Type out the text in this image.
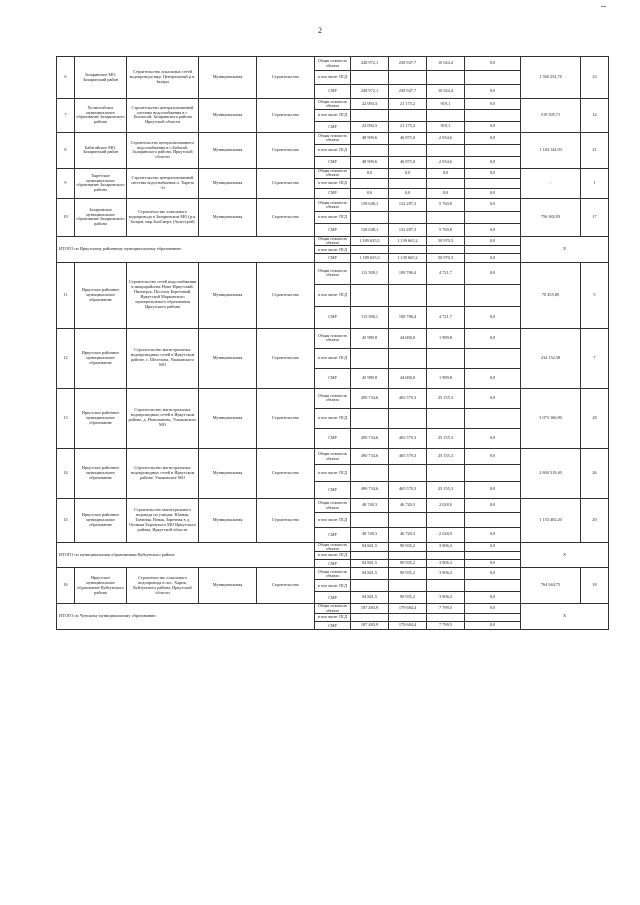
2
6	Заларинское МО, Заларинский район	Строительство локальных сетей водопровода мкр. Центральный р.п. Залари	Муниципальная	Строительство	Общая стоимость объекта	248 972,1	238 947,7	10 024,4	0,0	1 560 252,76	23
					в том числе: ПСД						
					СМР	248 972,1	238 947,7	10 024,4	0,0		
7	Холмогойское муниципальное образование Заларинского района	Строительство централизованной системы водоснабжения в с. Холмогой, Заларинского района Иркутской области	Муниципальная	Строительство	Общая стоимость объекта	22 094,3	21 175,2	919,1	0,0	519 505,71	12
					в том числе: ПСД						
					СМР	22 094,3	21 175,2	919,1	0,0		
8	Бабагайское МО, Заларинский район	Строительство централизованного водоснабжения в с.Бабагай, Заларинского района, Иркутской области	Муниципальная	Строительство	Общая стоимость объекта	48 909,6	46 875,0	2 034,6	0,0	1 184 142,93	21
					в том числе: ПСД						
					СМР	48 909,6	46 875,0	2 034,6	0,0		
9	Тыретское муниципальное образование Заларинского района	Строительство централизованной системы водоснабжения п. Тыреть -1е	Муниципальная	Строительство	Общая стоимость объекта	0,0	0,0	0,0	0,0	-	1
					в том числе: ПСД						
					СМР	0,0	0,0	0,0	0,0		
10	Заларинское муниципальное образование Заларинского района	Строительство локального водопровода в Заларинском МО (р.п. Залари, мкр.ЗилСмерт, (Залестрой)	Муниципальная	Строительство	Общая стоимость объекта	138 048,1	132 287,3	5 760,8	0,0	756 382,93	17
					в том числе: ПСД						
					СМР	138 048,1	132 287,3	5 760,8	0,0		
ИТОГО по Иркутскому районному муниципальному образованию:					Общая стоимость объекта	1 189 635,5	1 139 665,2	50 970,3	0,0	X	
					в том числе: ПСД						
					СМР	1 189 635,5	1 139 665,2	50 970,3	0,0		
11	Иркутское районное муниципальное образование	Строительство сетей водоснабжения в микрорайонах Ново-Иркутский, Пионерск, Поселок Березовый, Иркутской Марковского муниципального образования Иркутского района	Муниципальная	Строительство	Общая стоимость объекта	113 508,1	108 786,4	4 721,7	0,0	70 455,80	5
					в том числе: ПСД						
					СМР	113 508,1	108 786,4	4 721,7	0,0		
12	Иркутское районное муниципальное образование	Строительство магистральных водопроводных сетей в Иркутском районе, с. Шелехова, Ушаковского МО	Муниципальная	Строительство	Общая стоимость объекта	45 989,8	44 000,0	1 989,8	0,0	234 152,38	7
					в том числе: ПСД						
					СМР	45 989,8	44 000,0	1 989,8	0,0		
13	Иркутское районное муниципальное образование	Строительство магистральных водопроводных сетей в Иркутском районе, д. Новолыново, Ушаковского МО	Муниципальная	Строительство	Общая стоимость объекта	490 734,6	465 579,3	25 155,3	0,0	3 073 166,90	28
					в том числе: ПСД						
					СМР	490 734,6	465 579,3	25 155,3	0,0		
14	Иркутское районное муниципальное образование	Строительство магистральных водопроводных сетей в Иркутском районе, Ушаковское МО	Муниципальная	Строительство	Общая стоимость объекта	490 734,6	465 579,3	25 155,3	0,0	2 694 319,40	26
					в том числе: ПСД						
					СМР	490 734,6	465 579,3	25 155,3	0,0		
15	Иркутское районное муниципальное образование	Строительство магистрального водовода по улицам: Южная, Таёжная, Новая, Заречная в д. Огоньки Боровского МО Иркутского района, Иркутской области	Муниципальная	Строительство	Общая стоимость объекта	48 748,3	46 720,3	2 028,0	0,0	1 153 402,20	20
					в том числе: ПСД						
					СМР	48 748,3	46 720,3	2 028,0	0,0		
ИТОГО по муниципальным образованиям Куйтунского района					Общая стоимость объекта	94 841,5	90 935,2	3 906,3	0,0	X	
					в том числе: ПСД						
					СМР	94 841,5	90 935,2	3 906,3	0,0		
16	Иркутское муниципальное образование Куйтунского района	Строительство локального водопровода в пос. Харик, Куйтунского района, Иркутской области	Муниципальная	Строительство	Общая стоимость объекта	94 841,5	90 935,2	3 906,3	0,0	764 944,75	18
					в том числе: ПСД						
					СМР	94 841,5	90 935,2	3 906,3	0,0		
ИТОГО по Чунскому муниципальному образованию:					Общая стоимость объекта	187 483,9	179 684,4	7 799,5	0,0	X	
					в том числе: ПСД						
					СМР	187 483,9	179 684,4	7 799,5	0,0		
